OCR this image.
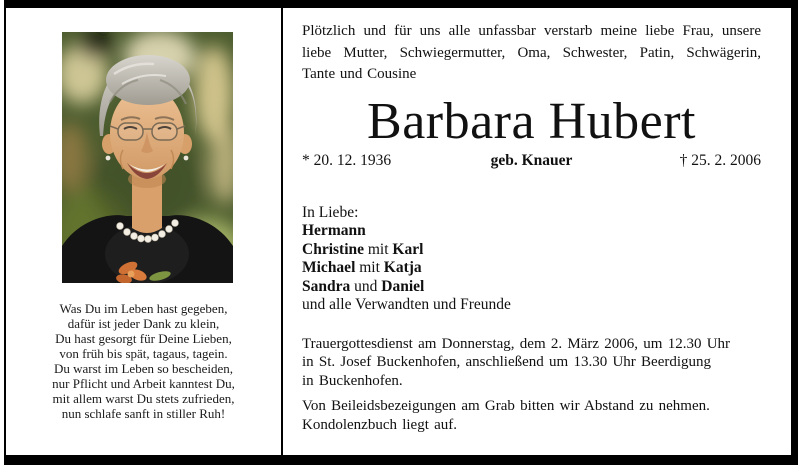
Was Du im Leben hast gegeben,
dafür ist jeder Dank zu klein,
Du hast gesorgt für Deine Lieben,
von früh bis spät, tagaus, tagein.
Du warst im Leben so bescheiden,
nur Pflicht und Arbeit kanntest Du,
mit allem warst Du stets zufrieden,
nun schlafe sanft in stiller Ruh!
Plötzlich und für uns alle unfassbar verstarb meine liebe Frau, unsere
liebe Mutter, Schwiegermutter, Oma, Schwester, Patin, Schwägerin,
Tante und Cousine
Barbara Hubert
* 20. 12. 1936	geb. Knauer	† 25. 2. 2006
In Liebe:
Hermann
Christine mit Karl
Michael mit Katja
Sandra und Daniel
und alle Verwandten und Freunde
Trauergottesdienst am Donnerstag, dem 2. März 2006, um 12.30 Uhr
in St. Josef Buckenhofen, anschließend um 13.30 Uhr Beerdigung
in Buckenhofen.
Von Beileidsbezeigungen am Grab bitten wir Abstand zu nehmen.
Kondolenzbuch liegt auf.
